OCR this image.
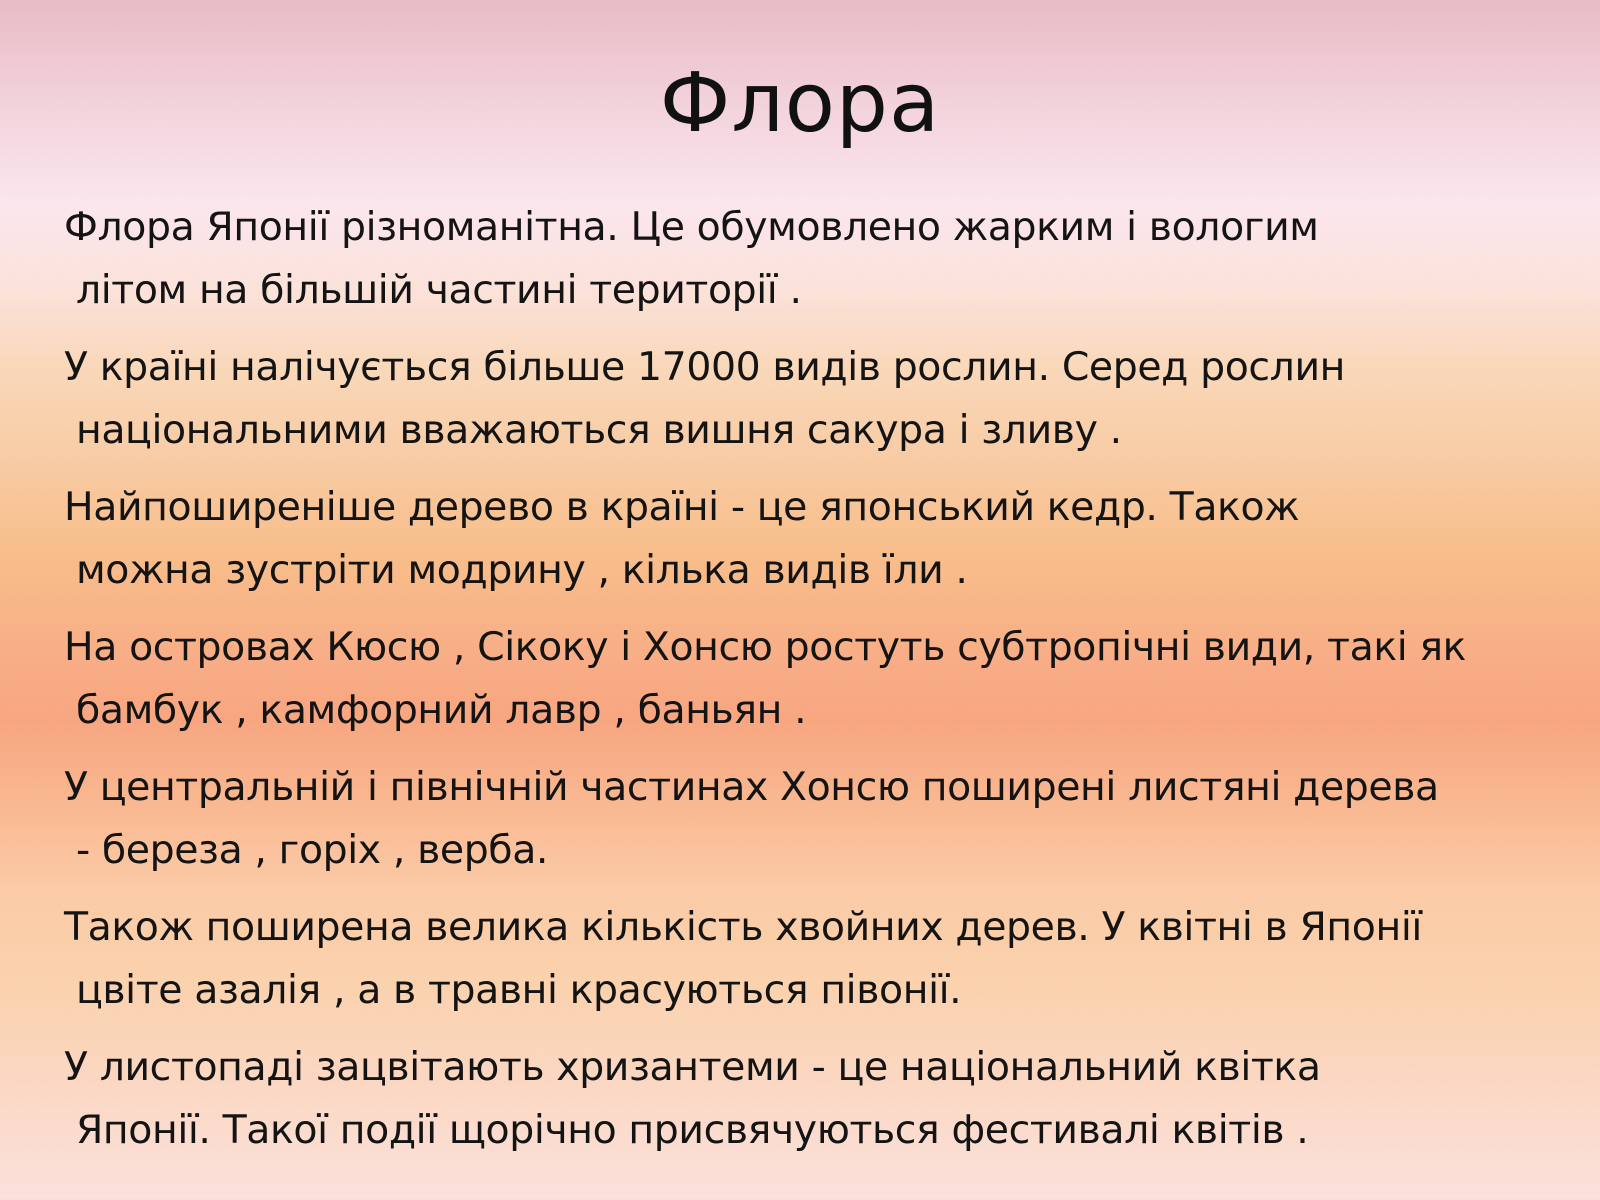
Флора
Флора Японії різноманітна. Це обумовлено жарким і вологим
літом на більшій частині території .
У країні налічується більше 17000 видів рослин. Серед рослин
національними вважаються вишня сакура і зливу .
Найпоширеніше дерево в країні - це японський кедр. Також
можна зустріти модрину , кілька видів їли .
На островах Кюсю , Сікоку і Хонсю ростуть субтропічні види, такі як
бамбук , камфорний лавр , баньян .
У центральній і північній частинах Хонсю поширені листяні дерева
- береза , горіх , верба.
Також поширена велика кількість хвойних дерев. У квітні в Японії
цвіте азалія , а в травні красуються півонії.
У листопаді зацвітають хризантеми - це національний квітка
Японії. Такої події щорічно присвячуються фестивалі квітів .
